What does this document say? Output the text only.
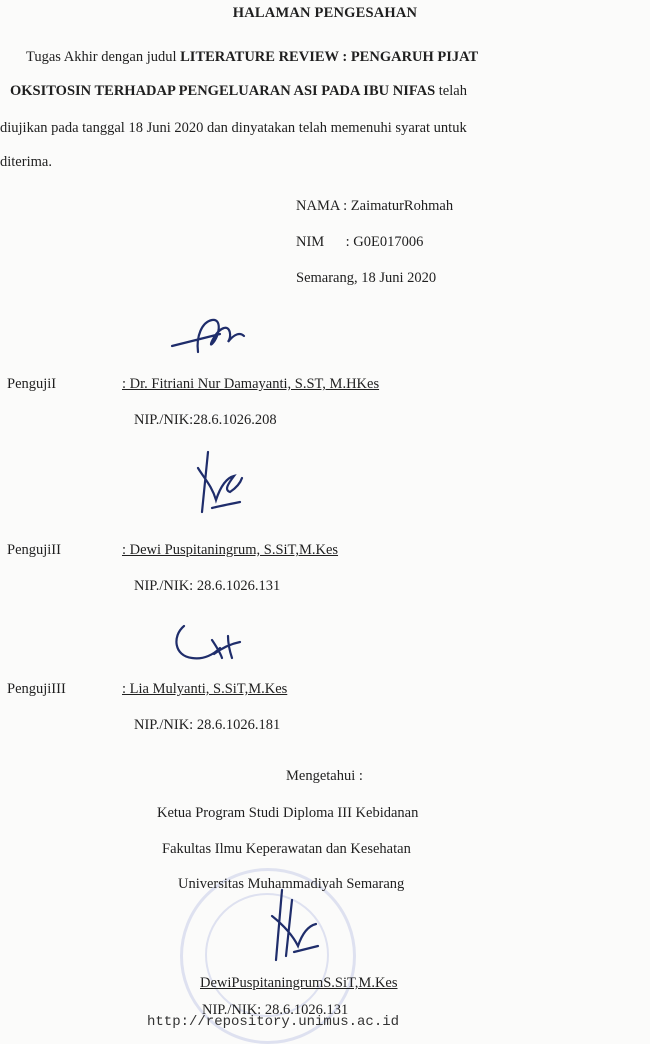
HALAMAN PENGESAHAN
Tugas Akhir dengan judul LITERATURE REVIEW : PENGARUH PIJAT
OKSITOSIN TERHADAP PENGELUARAN ASI PADA IBU NIFAS telah
diujikan pada tanggal 18 Juni 2020 dan dinyatakan telah memenuhi syarat untuk
diterima.
NAMA : ZaimaturRohmah
NIM : G0E017006
Semarang, 18 Juni 2020
PengujiI	: Dr. Fitriani Nur Damayanti, S.ST, M.HKes
NIP./NIK:28.6.1026.208
PengujiII	: Dewi Puspitaningrum, S.SiT,M.Kes
NIP./NIK: 28.6.1026.131
PengujiIII	: Lia Mulyanti, S.SiT,M.Kes
NIP./NIK: 28.6.1026.181
Mengetahui :
Ketua Program Studi Diploma III Kebidanan
Fakultas Ilmu Keperawatan dan Kesehatan
Universitas Muhammadiyah Semarang
DewiPuspitaningrumS.SiT,M.Kes
NIP./NIK: 28.6.1026.131
http://repository.unimus.ac.id
